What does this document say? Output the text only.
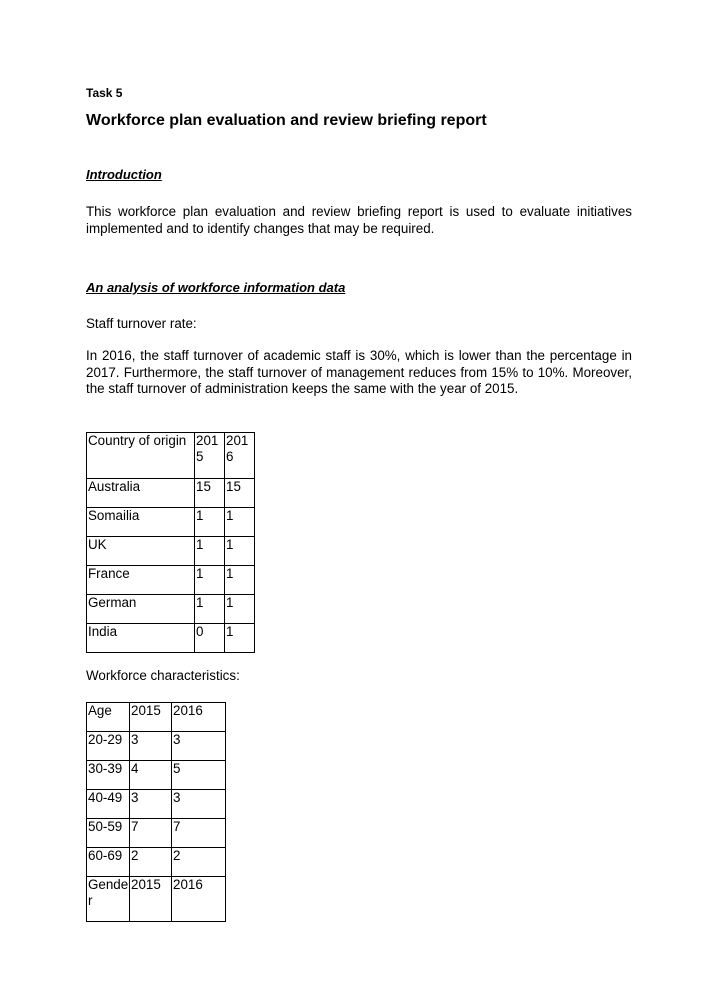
Task 5
Workforce plan evaluation and review briefing report
Introduction

This workforce plan evaluation and review briefing report is used to evaluate initiatives implemented and to identify changes that may be required.

An analysis of workforce information data

Staff turnover rate:

In 2016, the staff turnover of academic staff is 30%, which is lower than the percentage in 2017. Furthermore, the staff turnover of management reduces from 15% to 10%. Moreover, the staff turnover of administration keeps the same with the year of 2015.

Country of origin	2015	2016
Australia	15	15
Somailia	1	1
UK	1	1
France	1	1
German	1	1
India	0	1

Workforce characteristics:

Age	2015	2016
20-29	3	3
30-39	4	5
40-49	3	3
50-59	7	7
60-69	2	2
Gender	2015	2016
